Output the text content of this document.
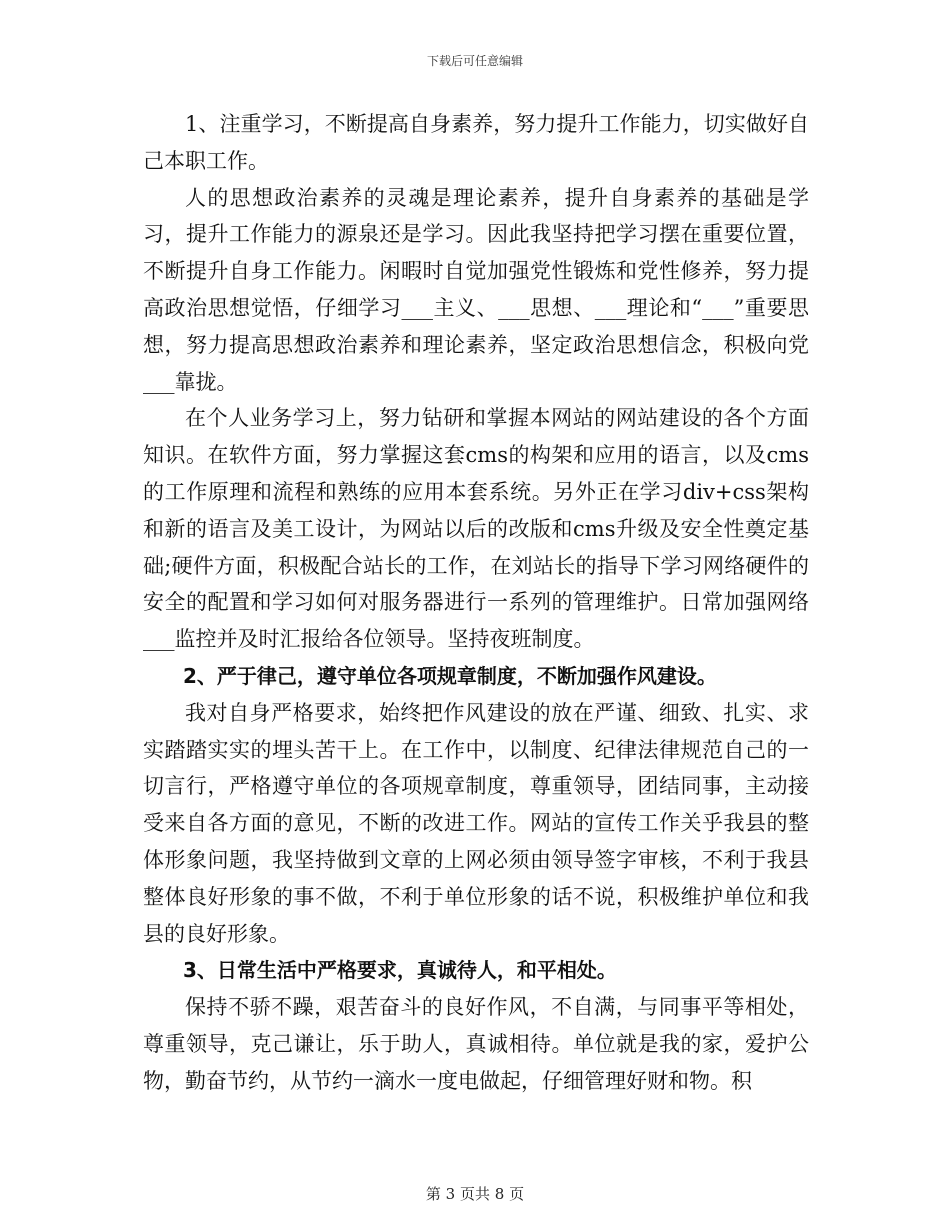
下载后可任意编辑

1、注重学习，不断提高自身素养，努力提升工作能力，切实做好自己本职工作。

人的思想政治素养的灵魂是理论素养，提升自身素养的基础是学习，提升工作能力的源泉还是学习。因此我坚持把学习摆在重要位置，不断提升自身工作能力。闲暇时自觉加强党性锻炼和党性修养，努力提高政治思想觉悟，仔细学习___主义、___思想、___理论和“___”重要思想，努力提高思想政治素养和理论素养，坚定政治思想信念，积极向党___靠拢。

在个人业务学习上，努力钻研和掌握本网站的网站建设的各个方面知识。在软件方面，努力掌握这套cms的构架和应用的语言，以及cms的工作原理和流程和熟练的应用本套系统。另外正在学习div+css架构和新的语言及美工设计，为网站以后的改版和cms升级及安全性奠定基础;硬件方面，积极配合站长的工作，在刘站长的指导下学习网络硬件的安全的配置和学习如何对服务器进行一系列的管理维护。日常加强网络___监控并及时汇报给各位领导。坚持夜班制度。

2、严于律己，遵守单位各项规章制度，不断加强作风建设。

我对自身严格要求，始终把作风建设的放在严谨、细致、扎实、求实踏踏实实的埋头苦干上。在工作中，以制度、纪律法律规范自己的一切言行，严格遵守单位的各项规章制度，尊重领导，团结同事，主动接受来自各方面的意见，不断的改进工作。网站的宣传工作关乎我县的整体形象问题，我坚持做到文章的上网必须由领导签字审核，不利于我县整体良好形象的事不做，不利于单位形象的话不说，积极维护单位和我县的良好形象。

3、日常生活中严格要求，真诚待人，和平相处。

保持不骄不躁，艰苦奋斗的良好作风，不自满，与同事平等相处，尊重领导，克己谦让，乐于助人，真诚相待。单位就是我的家，爱护公物，勤奋节约，从节约一滴水一度电做起，仔细管理好财和物。积

第 3 页共 8 页
